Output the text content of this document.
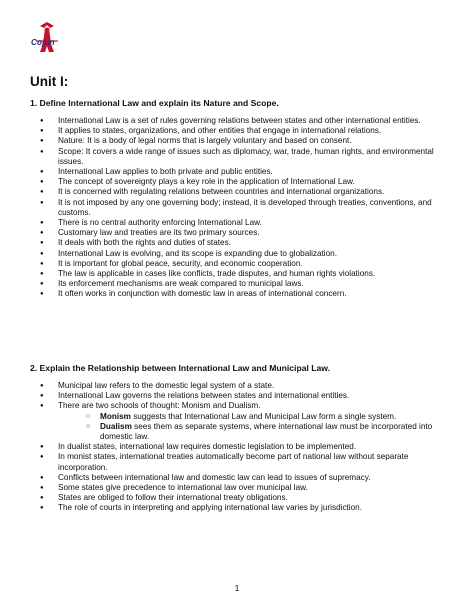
Cojun
Unit I:
1. Define International Law and explain its Nature and Scope.
● International Law is a set of rules governing relations between states and other international entities.
● It applies to states, organizations, and other entities that engage in international relations.
● Nature: It is a body of legal norms that is largely voluntary and based on consent.
● Scope: It covers a wide range of issues such as diplomacy, war, trade, human rights, and environmental issues.
● International Law applies to both private and public entities.
● The concept of sovereignty plays a key role in the application of International Law.
● It is concerned with regulating relations between countries and international organizations.
● It is not imposed by any one governing body; instead, it is developed through treaties, conventions, and customs.
● There is no central authority enforcing International Law.
● Customary law and treaties are its two primary sources.
● It deals with both the rights and duties of states.
● International Law is evolving, and its scope is expanding due to globalization.
● It is important for global peace, security, and economic cooperation.
● The law is applicable in cases like conflicts, trade disputes, and human rights violations.
● Its enforcement mechanisms are weak compared to municipal laws.
● It often works in conjunction with domestic law in areas of international concern.
2. Explain the Relationship between International Law and Municipal Law.
● Municipal law refers to the domestic legal system of a state.
● International Law governs the relations between states and international entities.
● There are two schools of thought: Monism and Dualism.
○ Monism suggests that International Law and Municipal Law form a single system.
○ Dualism sees them as separate systems, where international law must be incorporated into domestic law.
● In dualist states, international law requires domestic legislation to be implemented.
● In monist states, international treaties automatically become part of national law without separate incorporation.
● Conflicts between international law and domestic law can lead to issues of supremacy.
● Some states give precedence to international law over municipal law.
● States are obliged to follow their international treaty obligations.
● The role of courts in interpreting and applying international law varies by jurisdiction.
1
